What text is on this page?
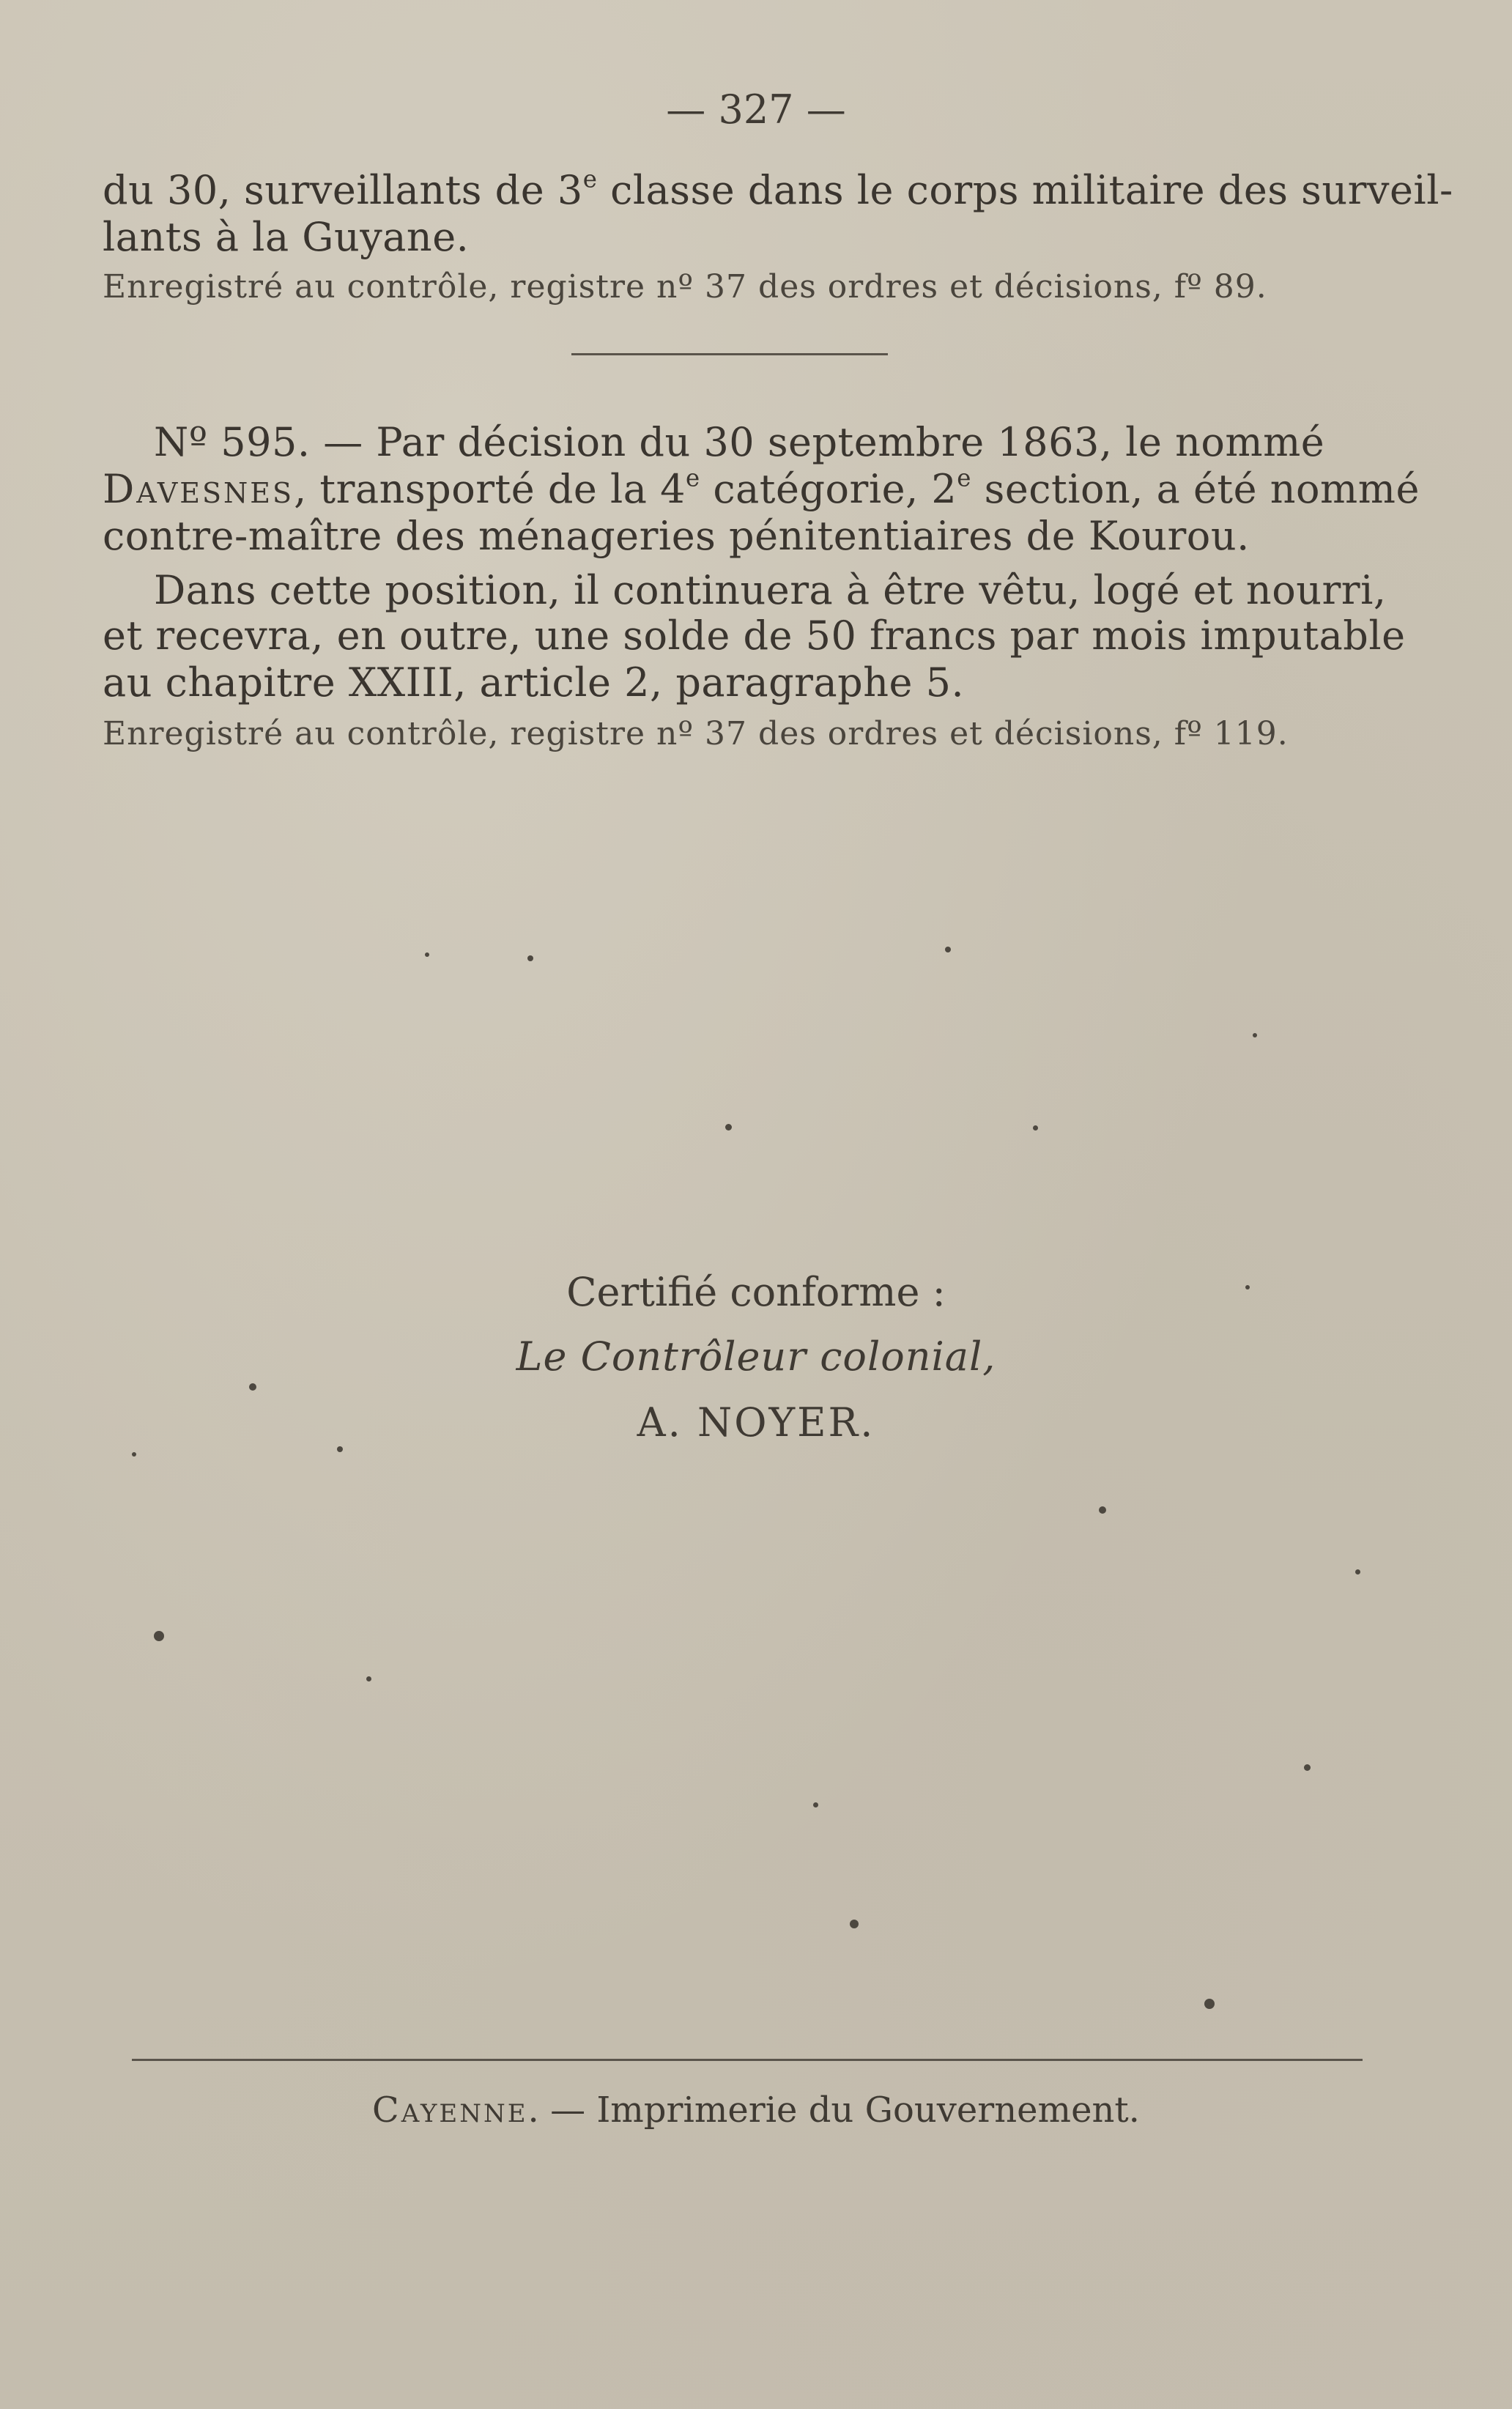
— 327 —
du 30, surveillants de 3e classe dans le corps militaire des surveil-
lants à la Guyane.
Enregistré au contrôle, registre nº 37 des ordres et décisions, fº 89.
Nº 595. — Par décision du 30 septembre 1863, le nommé
Davesnes, transporté de la 4e catégorie, 2e section, a été nommé
contre-maître des ménageries pénitentiaires de Kourou.
Dans cette position, il continuera à être vêtu, logé et nourri,
et recevra, en outre, une solde de 50 francs par mois imputable
au chapitre XXIII, article 2, paragraphe 5.
Enregistré au contrôle, registre nº 37 des ordres et décisions, fº 119.
Certifié conforme :
Le Contrôleur colonial,
A. NOYER.
Cayenne. — Imprimerie du Gouvernement.
